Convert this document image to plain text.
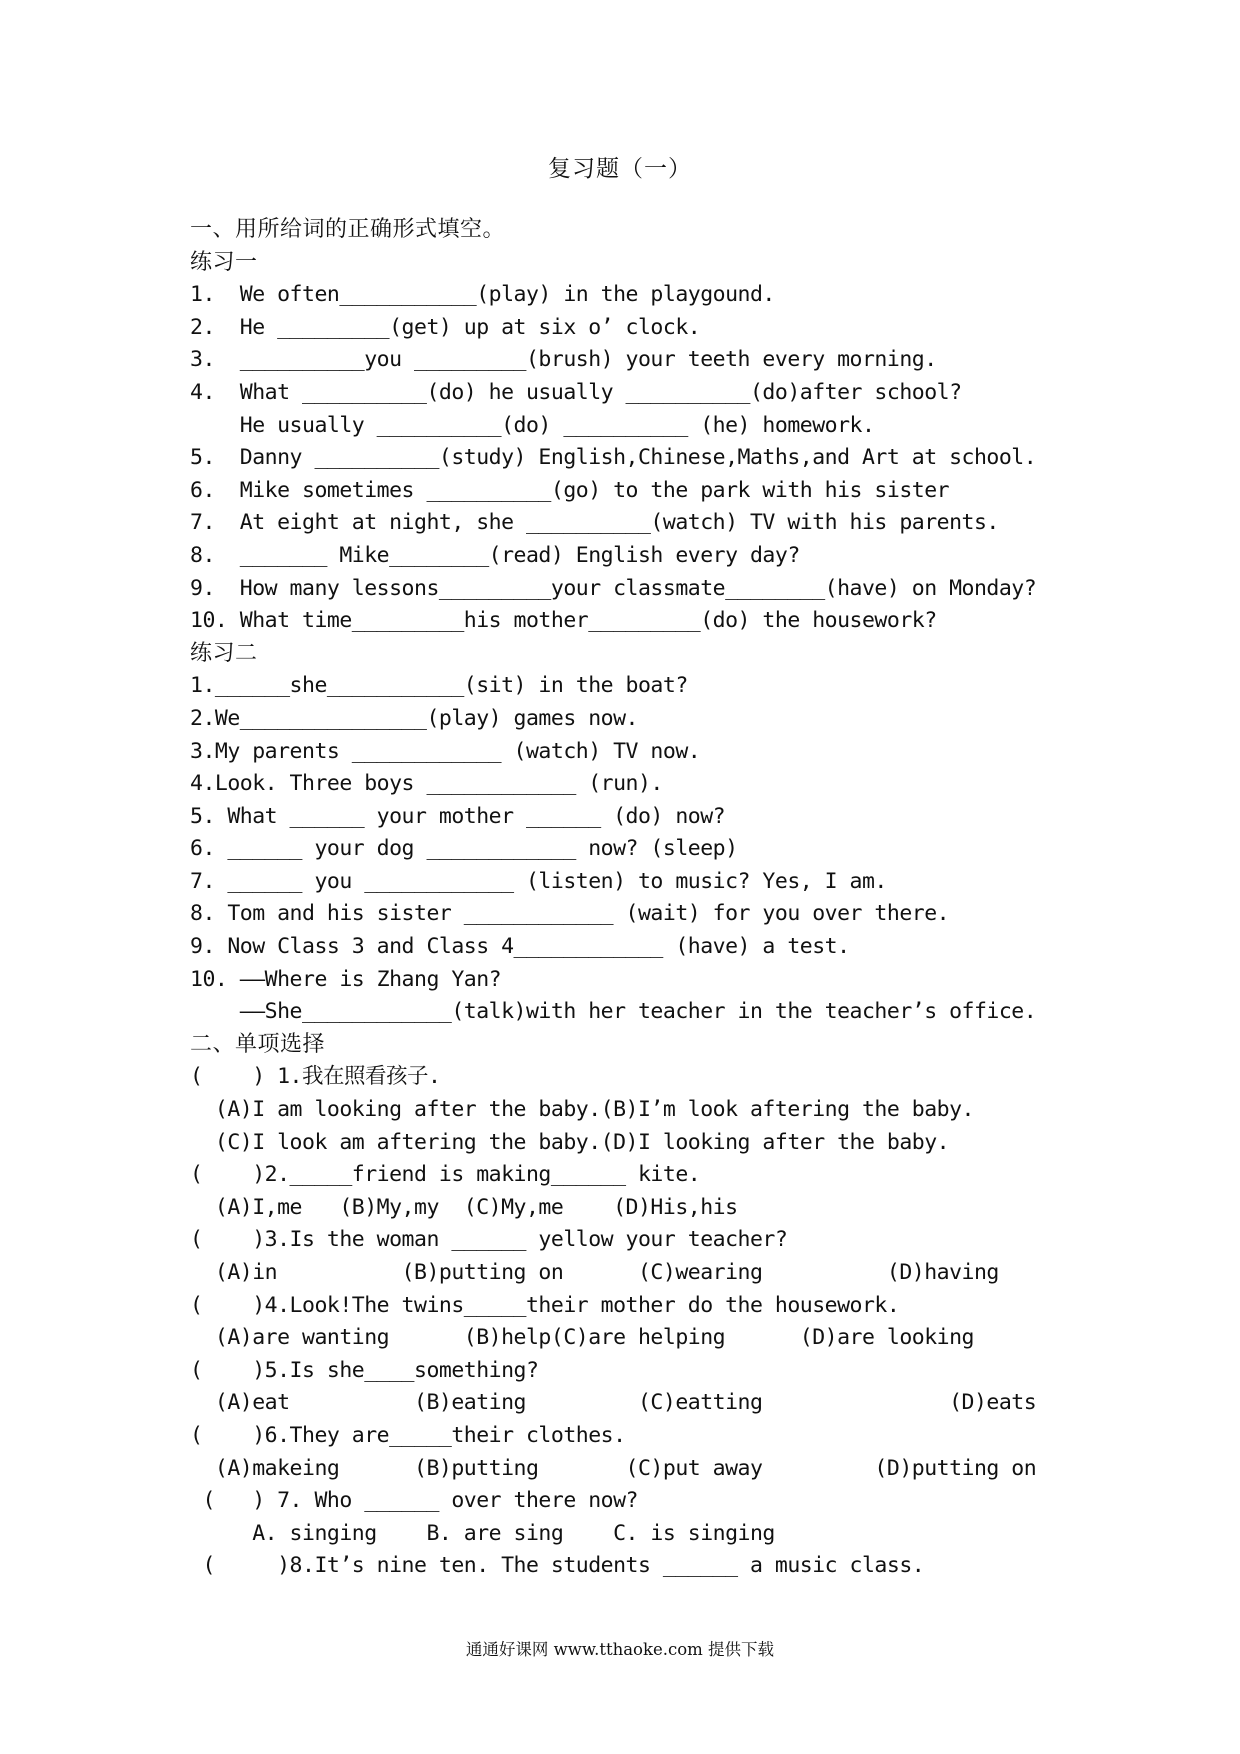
复习题（一）
一、用所给词的正确形式填空。
练习一
1.  We often___________(play) in the playgound.
2.  He _________(get) up at six o’ clock.
3.  __________you _________(brush) your teeth every morning.
4.  What __________(do) he usually __________(do)after school?
He usually __________(do) __________ (he) homework.
5.  Danny __________(study) English,Chinese,Maths,and Art at school.
6.  Mike sometimes __________(go) to the park with his sister
7.  At eight at night, she __________(watch) TV with his parents.
8.  _______ Mike________(read) English every day?
9.  How many lessons_________your classmate________(have) on Monday?
10. What time_________his mother_________(do) the housework?
练习二
1.______she___________(sit) in the boat?
2.We_______________(play) games now.
3.My parents ____________ (watch) TV now.
4.Look. Three boys ____________ (run).
5. What ______ your mother ______ (do) now?
6. ______ your dog ____________ now? (sleep)
7. ______ you ____________ (listen) to music? Yes, I am.
8. Tom and his sister ____________ (wait) for you over there.
9. Now Class 3 and Class 4____________ (have) a test.
10. ——Where is Zhang Yan?
——She____________(talk)with her teacher in the teacher’s office.
二、单项选择
(    ) 1.我在照看孩子.
(A)I am looking after the baby.(B)I’m look aftering the baby.
(C)I look am aftering the baby.(D)I looking after the baby.
(    )2._____friend is making______ kite.
(A)I,me   (B)My,my  (C)My,me    (D)His,his
(    )3.Is the woman ______ yellow your teacher?
(A)in          (B)putting on      (C)wearing          (D)having
(    )4.Look!The twins_____their mother do the housework.
(A)are wanting      (B)help(C)are helping      (D)are looking
(    )5.Is she____something?
(A)eat          (B)eating         (C)eatting               (D)eats
(    )6.They are_____their clothes.
(A)makeing      (B)putting       (C)put away         (D)putting on
(   ) 7. Who ______ over there now?
A. singing    B. are sing    C. is singing
(     )8.It’s nine ten. The students ______ a music class.
通通好课网 www.tthaoke.com 提供下载
